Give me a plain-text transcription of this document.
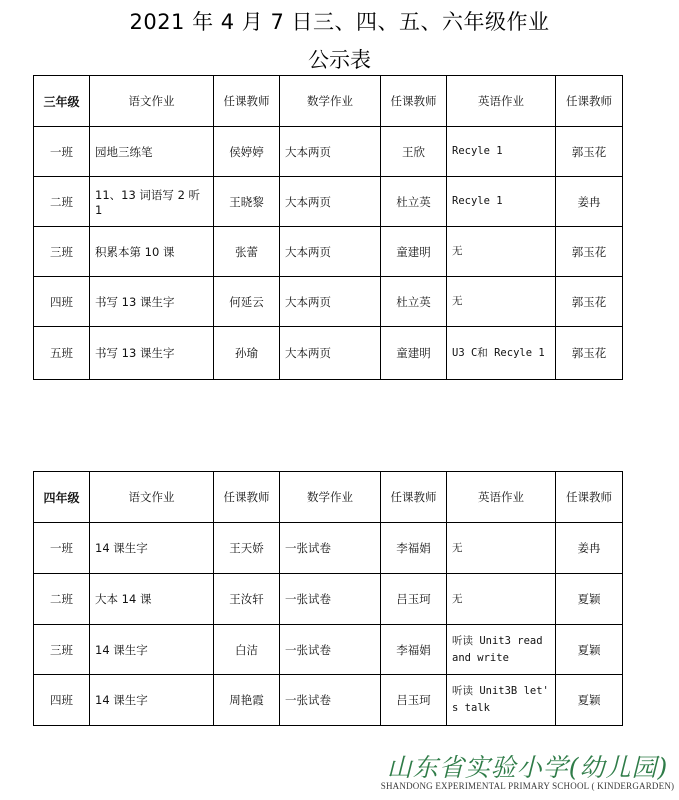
2021 年 4 月 7 日三、四、五、六年级作业
公示表
三年级	语文作业	任课教师	数学作业	任课教师	英语作业	任课教师
一班	园地三练笔	侯婷婷	大本两页	王欣	Recyle 1	郭玉花
二班	11、13 词语写 2 听 1	王晓黎	大本两页	杜立英	Recyle 1	姜冉
三班	积累本第 10 课	张蕾	大本两页	童建明	无	郭玉花
四班	书写 13 课生字	何延云	大本两页	杜立英	无	郭玉花
五班	书写 13 课生字	孙瑜	大本两页	童建明	U3 C和 Recyle 1	郭玉花
四年级	语文作业	任课教师	数学作业	任课教师	英语作业	任课教师
一班	14 课生字	王天娇	一张试卷	李福娟	无	姜冉
二班	大本 14 课	王汝轩	一张试卷	吕玉珂	无	夏颖
三班	14 课生字	白洁	一张试卷	李福娟	听读 Unit3 read and write	夏颖
四班	14 课生字	周艳霞	一张试卷	吕玉珂	听读 Unit3B let' s talk	夏颖
山东省实验小学(幼儿园)
SHANDONG EXPERIMENTAL PRIMARY SCHOOL ( KINDERGARDEN)
